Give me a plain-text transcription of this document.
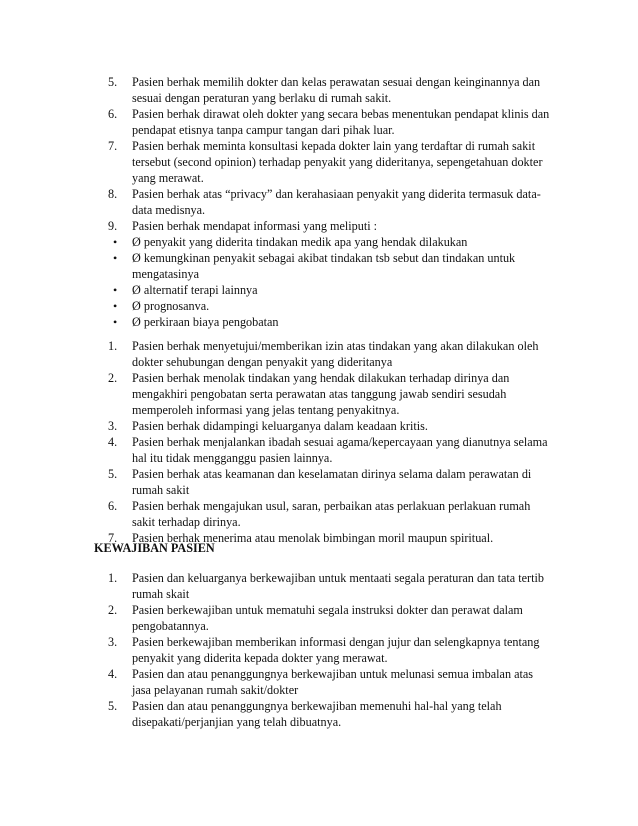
5.	Pasien berhak memilih dokter dan kelas perawatan sesuai dengan keinginannya dan sesuai dengan peraturan yang berlaku di rumah sakit.
6.	Pasien berhak dirawat oleh dokter yang secara bebas menentukan pendapat klinis dan pendapat etisnya tanpa campur tangan dari pihak luar.
7.	Pasien berhak meminta konsultasi kepada dokter lain yang terdaftar di rumah sakit tersebut (second opinion) terhadap penyakit yang dideritanya, sepengetahuan dokter yang merawat.
8.	Pasien berhak atas “privacy” dan kerahasiaan penyakit yang diderita termasuk data-data medisnya.
9.	Pasien berhak mendapat informasi yang meliputi :
•	Ø penyakit yang diderita tindakan medik apa yang hendak dilakukan
•	Ø kemungkinan penyakit sebagai akibat tindakan tsb sebut dan tindakan untuk mengatasinya
•	Ø alternatif terapi lainnya
•	Ø prognosanva.
•	Ø perkiraan biaya pengobatan
1.	Pasien berhak menyetujui/memberikan izin atas tindakan yang akan dilakukan oleh dokter sehubungan dengan penyakit yang dideritanya
2.	Pasien berhak menolak tindakan yang hendak dilakukan terhadap dirinya dan mengakhiri pengobatan serta perawatan atas tanggung jawab sendiri sesudah memperoleh informasi yang jelas tentang penyakitnya.
3.	Pasien berhak didampingi keluarganya dalam keadaan kritis.
4.	Pasien berhak menjalankan ibadah sesuai agama/kepercayaan yang dianutnya selama hal itu tidak mengganggu pasien lainnya.
5.	Pasien berhak atas keamanan dan keselamatan dirinya selama dalam perawatan di rumah sakit
6.	Pasien berhak mengajukan usul, saran, perbaikan atas perlakuan perlakuan rumah sakit terhadap dirinya.
7.	Pasien berhak menerima atau menolak bimbingan moril maupun spiritual.
KEWAJIBAN PASIEN
1.	Pasien dan keluarganya berkewajiban untuk mentaati segala peraturan dan tata tertib rumah skait
2.	Pasien berkewajiban untuk mematuhi segala instruksi dokter dan perawat dalam pengobatannya.
3.	Pasien berkewajiban memberikan informasi dengan jujur dan selengkapnya tentang penyakit yang diderita kepada dokter yang merawat.
4.	Pasien dan atau penanggungnya berkewajiban untuk melunasi semua imbalan atas jasa pelayanan rumah sakit/dokter
5.	Pasien dan atau penanggungnya berkewajiban memenuhi hal-hal yang telah disepakati/perjanjian yang telah dibuatnya.
